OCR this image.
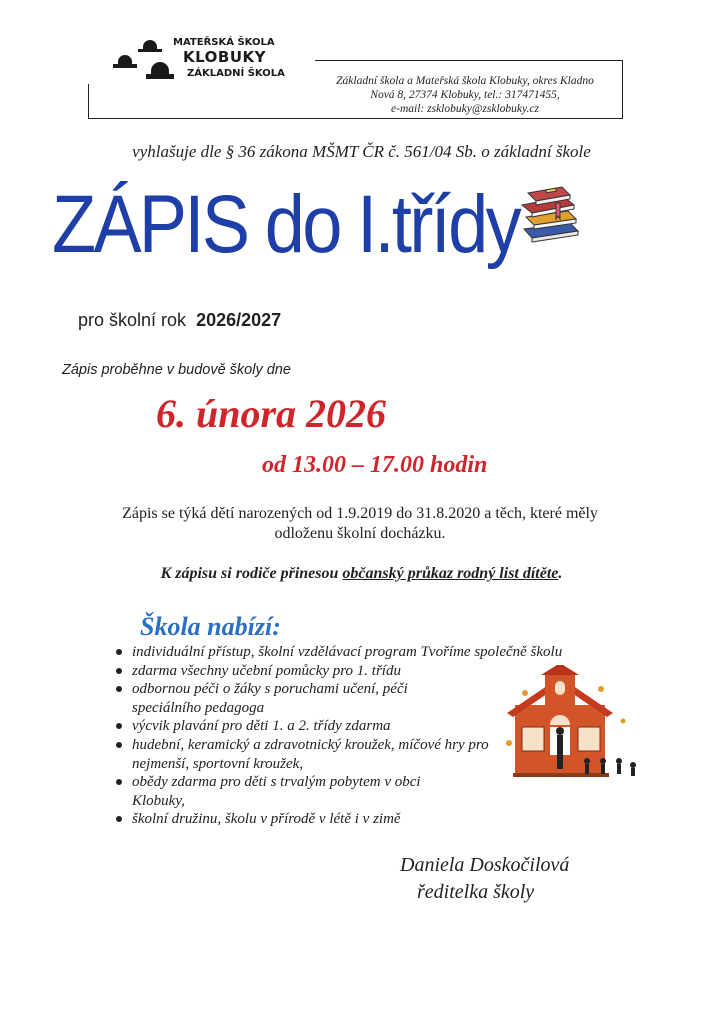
MATEŘSKÁ ŠKOLA
KLOBUKY
ZÁKLADNÍ ŠKOLA
Základní škola a Mateřská škola Klobuky, okres Kladno
Nová 8, 27374 Klobuky, tel.: 317471455,
e-mail: zsklobuky@zsklobuky.cz
vyhlašuje dle § 36 zákona MŠMT ČR č. 561/04 Sb. o základní škole
ZÁPIS do I.třídy
pro školní rok 2026/2027
Zápis proběhne v budově školy dne
6. února 2026
od 13.00 – 17.00 hodin
Zápis se týká dětí narozených od 1.9.2019 do 31.8.2020 a těch, které měly
odloženu školní docházku.
K zápisu si rodiče přinesou občanský průkaz rodný list dítěte.
Škola nabízí:
individuální přístup, školní vzdělávací program Tvoříme společně školu
zdarma všechny učební pomůcky pro 1. třídu
odbornou péči o žáky s poruchami učení, péči speciálního pedagoga
výcvik plavání pro děti 1. a 2. třídy zdarma
hudební, keramický a zdravotnický kroužek, míčové hry pro nejmenší, sportovní kroužek,
obědy zdarma pro děti s trvalým pobytem v obci Klobuky,
školní družinu, školu v přírodě v létě i v zimě
Daniela Doskočilová
ředitelka školy
